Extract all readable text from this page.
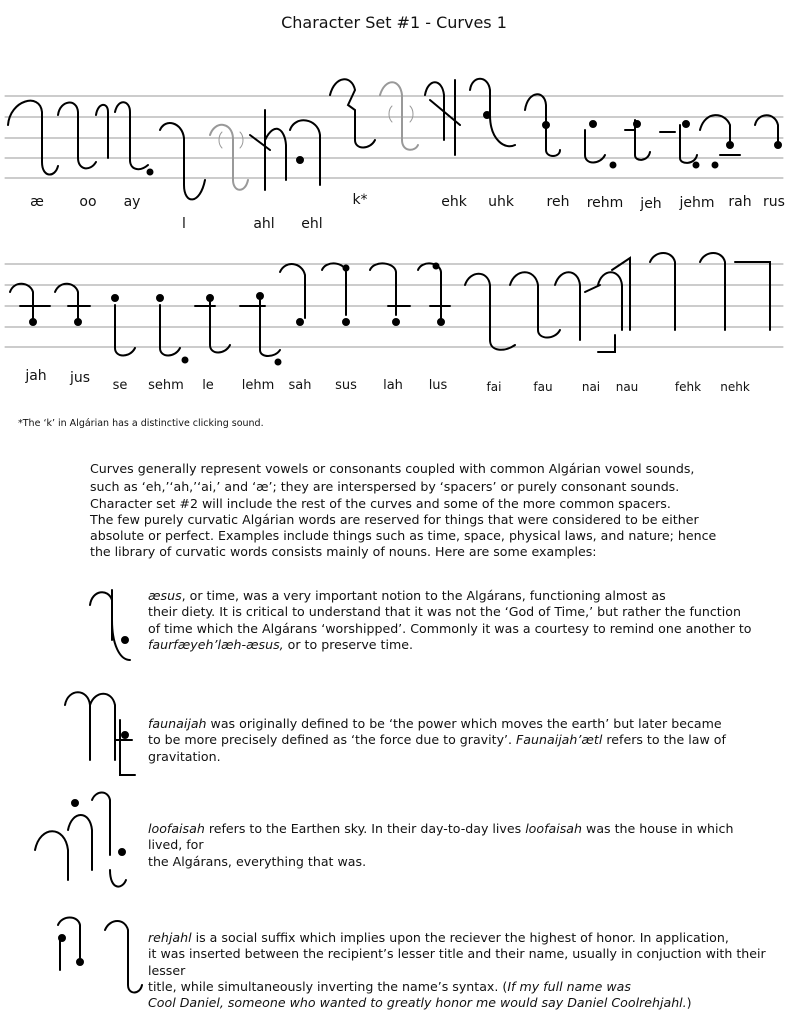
Character Set #1 - Curves 1
æ	oo ay
l	ahl ehl
k*	ehk uhk reh rehm jeh jehm rah rus
jah jus se sehm le lehm sah sus lah lus	fai	fau nai nau	fehk nehk
*The ‘k’ in Algárian has a distinctive clicking sound.

Curves generally represent vowels or consonants coupled with common Algárian vowel sounds,

such as ‘eh,’‘ah,’‘ai,’ and ‘æ’; they are interspersed by ‘spacers’ or purely consonant sounds.

Character set #2 will include the rest of the curves and some of the more common spacers.

The few purely curvatic Algárian words are reserved for things that were considered to be either

absolute or perfect. Examples include things such as time, space, physical laws, and nature; hence

the library of curvatic words consists mainly of nouns. Here are some examples:

æsus, or time, was a very important notion to the Algárans, functioning almost as

their diety. It is critical to understand that it was not the ‘God of Time,’ but rather the function

of time which the Algárans ‘worshipped’. Commonly it was a courtesy to remind one another to

faurfæyeh’læh-æsus, or to preserve time.

faunaijah was originally defined to be ‘the power which moves the earth’ but later became

to be more precisely defined as ‘the force due to gravity’. Faunaijah’ætl refers to the law of gravitation.

loofaisah refers to the Earthen sky. In their day-to-day lives loofaisah was the house in which lived, for

the Algárans, everything that was.

rehjahl is a social suffix which implies upon the reciever the highest of honor. In application,

it was inserted between the recipient’s lesser title and their name, usually in conjuction with their lesser

title, while simultaneously inverting the name’s syntax. (If my full name was

Cool Daniel, someone who wanted to greatly honor me would say Daniel Coolrehjahl.)
